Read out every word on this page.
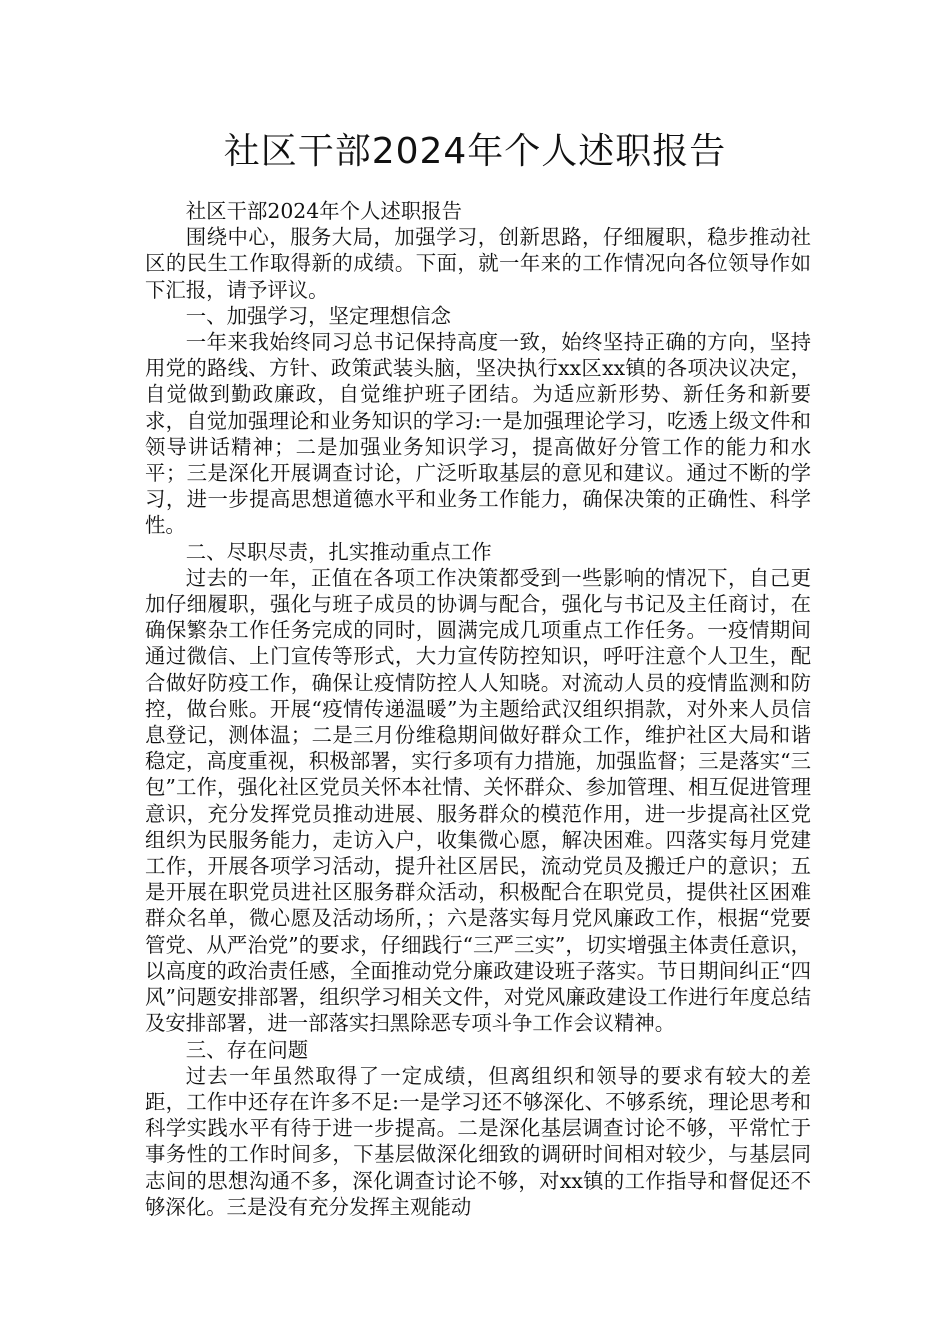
社区干部2024年个人述职报告

社区干部2024年个人述职报告

围绕中心，服务大局，加强学习，创新思路，仔细履职，稳步推动社区的民生工作取得新的成绩。下面，就一年来的工作情况向各位领导作如下汇报，请予评议。

一、加强学习，坚定理想信念

一年来我始终同习总书记保持高度一致，始终坚持正确的方向，坚持用党的路线、方针、政策武装头脑，坚决执行xx区xx镇的各项决议决定，自觉做到勤政廉政，自觉维护班子团结。为适应新形势、新任务和新要求，自觉加强理论和业务知识的学习:一是加强理论学习，吃透上级文件和领导讲话精神；二是加强业务知识学习，提高做好分管工作的能力和水平；三是深化开展调查讨论，广泛听取基层的意见和建议。通过不断的学习，进一步提高思想道德水平和业务工作能力，确保决策的正确性、科学性。

二、尽职尽责，扎实推动重点工作

过去的一年，正值在各项工作决策都受到一些影响的情况下，自己更加仔细履职，强化与班子成员的协调与配合，强化与书记及主任商讨，在确保繁杂工作任务完成的同时，圆满完成几项重点工作任务。一疫情期间通过微信、上门宣传等形式，大力宣传防控知识，呼吁注意个人卫生，配合做好防疫工作，确保让疫情防控人人知晓。对流动人员的疫情监测和防控，做台账。开展“疫情传递温暖”为主题给武汉组织捐款，对外来人员信息登记，测体温；二是三月份维稳期间做好群众工作，维护社区大局和谐稳定，高度重视，积极部署，实行多项有力措施，加强监督；三是落实“三包”工作，强化社区党员关怀本社情、关怀群众、参加管理、相互促进管理意识，充分发挥党员推动进展、服务群众的模范作用，进一步提高社区党组织为民服务能力，走访入户，收集微心愿，解决困难。四落实每月党建工作，开展各项学习活动，提升社区居民，流动党员及搬迁户的意识；五是开展在职党员进社区服务群众活动，积极配合在职党员，提供社区困难群众名单，微心愿及活动场所，；六是落实每月党风廉政工作，根据“党要管党、从严治党”的要求，仔细践行“三严三实”，切实增强主体责任意识，以高度的政治责任感，全面推动党分廉政建设班子落实。节日期间纠正“四风”问题安排部署，组织学习相关文件，对党风廉政建设工作进行年度总结及安排部署，进一部落实扫黑除恶专项斗争工作会议精神。

三、存在问题

过去一年虽然取得了一定成绩，但离组织和领导的要求有较大的差距，工作中还存在许多不足:一是学习还不够深化、不够系统，理论思考和科学实践水平有待于进一步提高。二是深化基层调查讨论不够，平常忙于事务性的工作时间多，下基层做深化细致的调研时间相对较少，与基层同志间的思想沟通不多，深化调查讨论不够，对xx镇的工作指导和督促还不够深化。三是没有充分发挥主观能动
